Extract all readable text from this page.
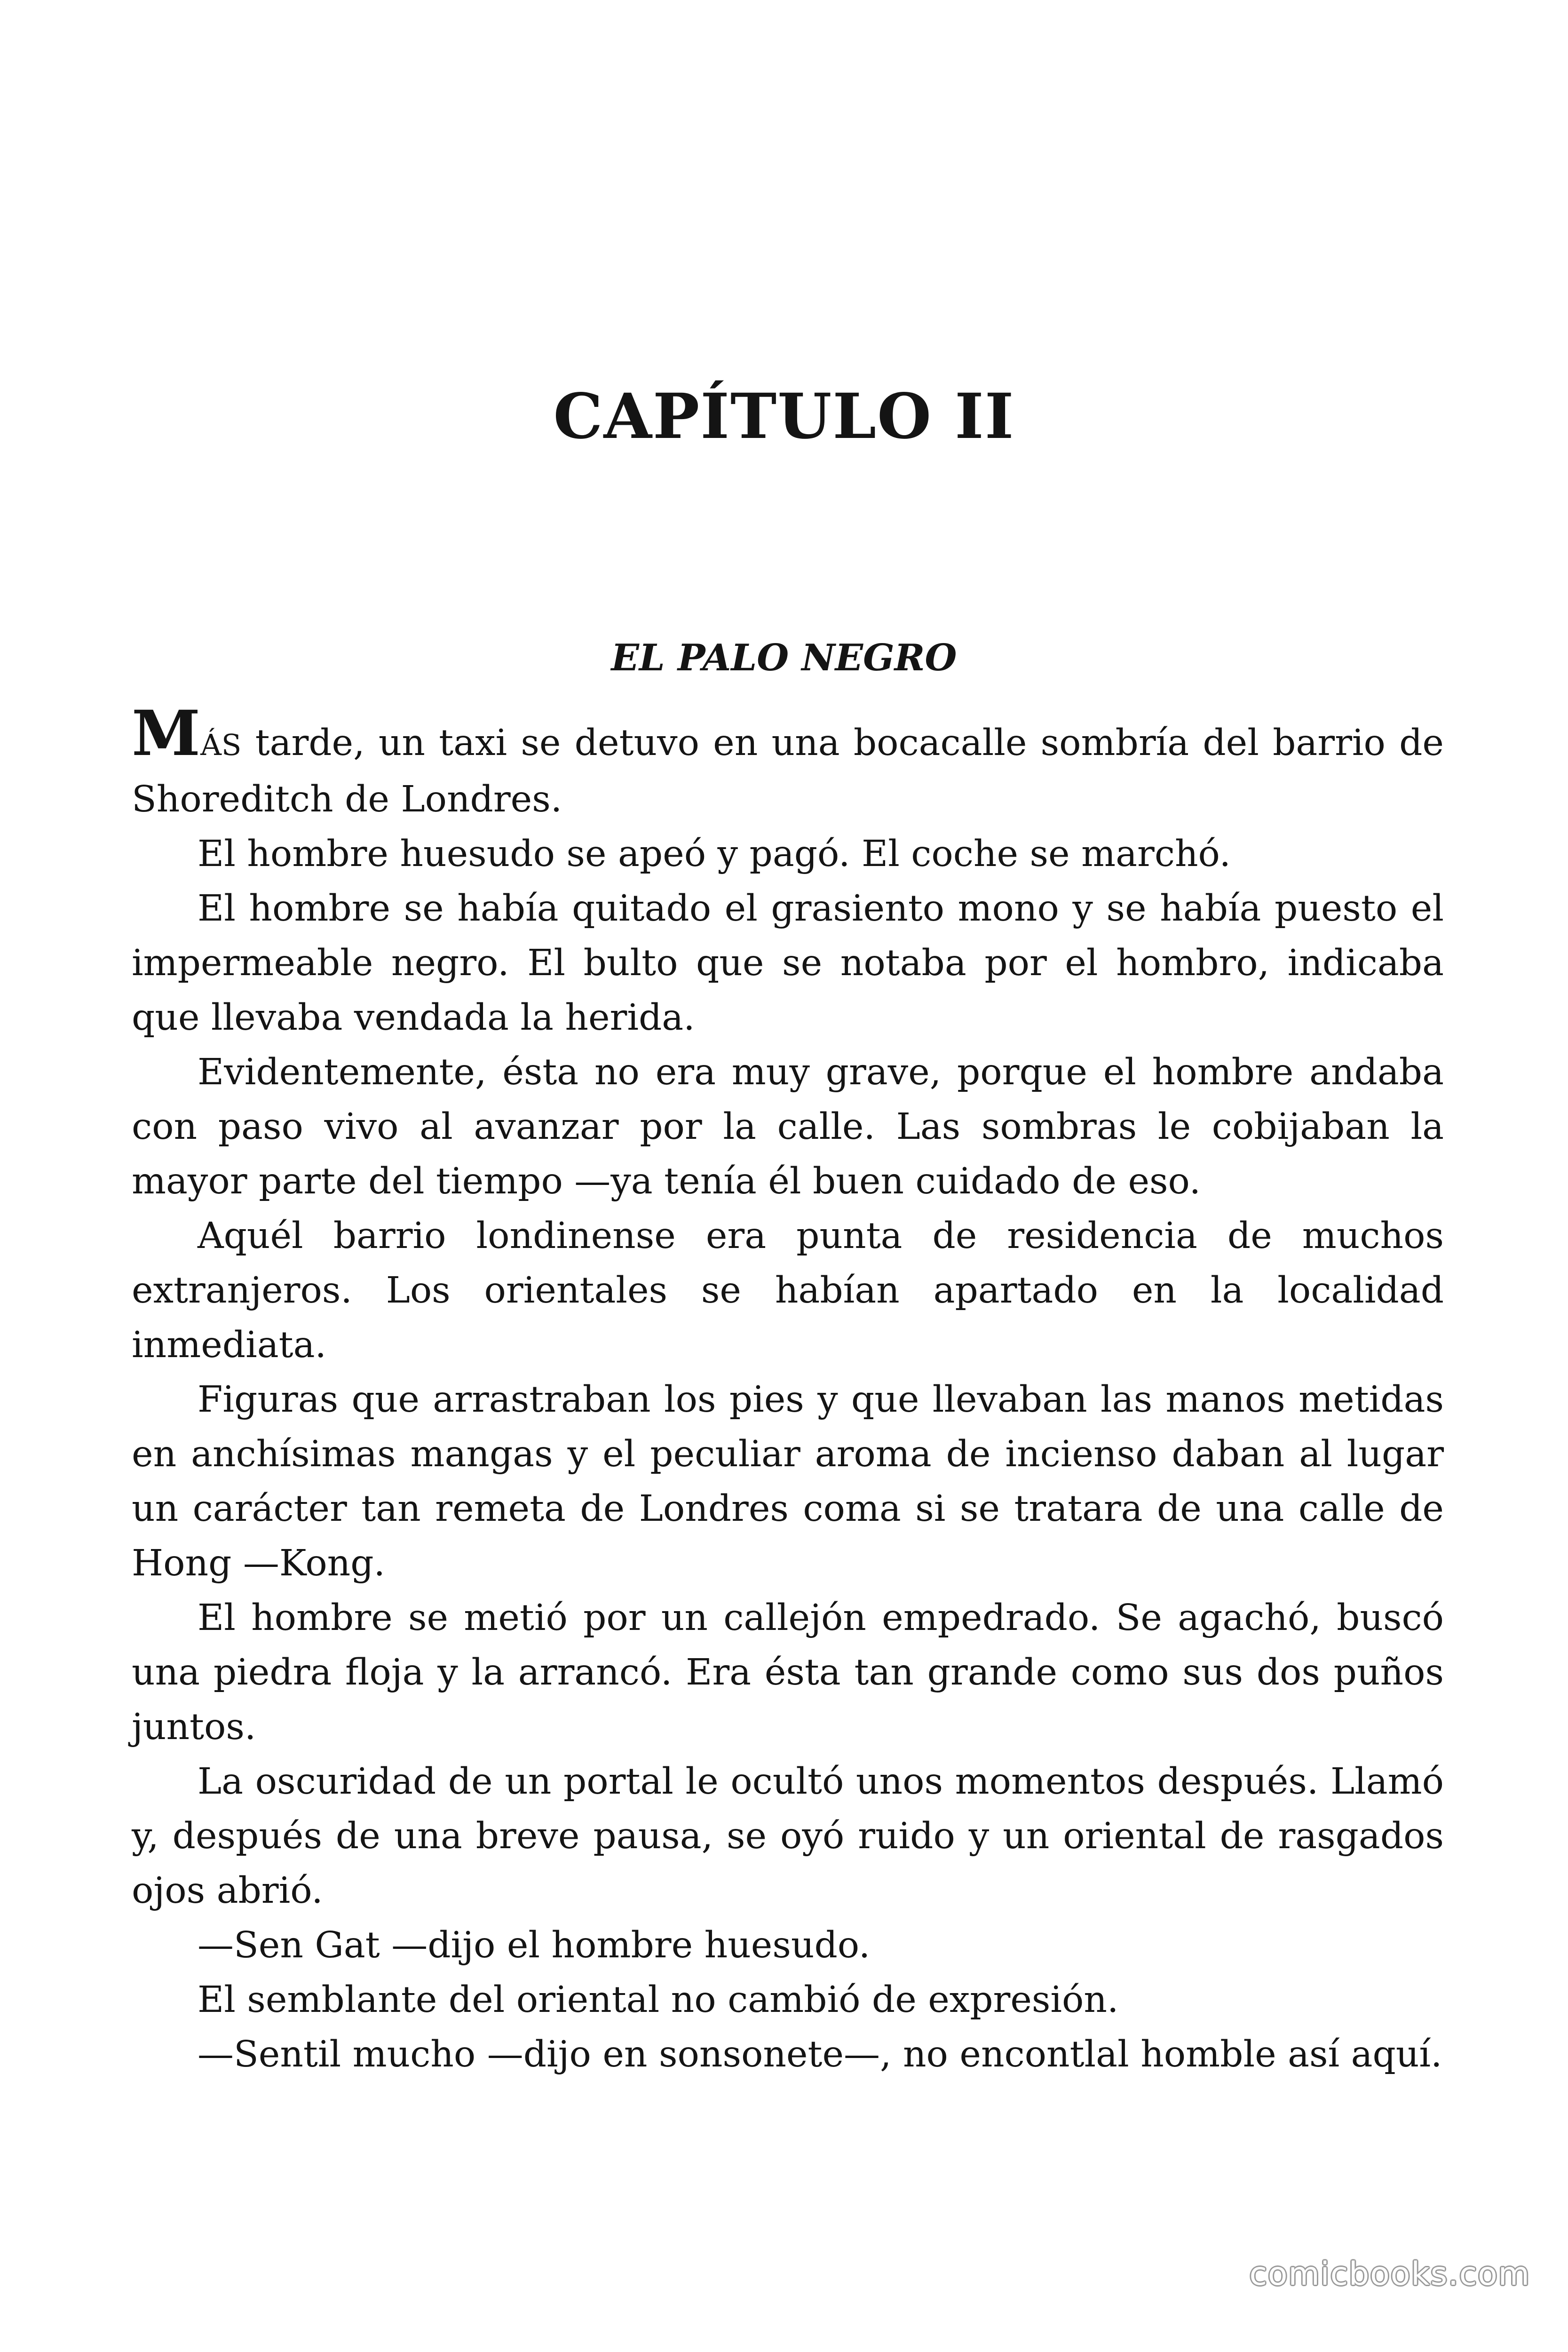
CAPÍTULO II
EL PALO NEGRO

MÁS tarde, un taxi se detuvo en una bocacalle sombría del barrio de Shoreditch de Londres.

El hombre huesudo se apeó y pagó. El coche se marchó.

El hombre se había quitado el grasiento mono y se había puesto el impermeable negro. El bulto que se notaba por el hombro, indicaba que llevaba vendada la herida.

Evidentemente, ésta no era muy grave, porque el hombre andaba con paso vivo al avanzar por la calle. Las sombras le cobijaban la mayor parte del tiempo —ya tenía él buen cuidado de eso.

Aquél barrio londinense era punta de residencia de muchos extranjeros. Los orientales se habían apartado en la localidad inmediata.

Figuras que arrastraban los pies y que llevaban las manos metidas en anchísimas mangas y el peculiar aroma de incienso daban al lugar un carácter tan remeta de Londres coma si se tratara de una calle de Hong —Kong.

El hombre se metió por un callejón empedrado. Se agachó, buscó una piedra floja y la arrancó. Era ésta tan grande como sus dos puños juntos.

La oscuridad de un portal le ocultó unos momentos después. Llamó y, después de una breve pausa, se oyó ruido y un oriental de rasgados ojos abrió.

—Sen Gat —dijo el hombre huesudo.

El semblante del oriental no cambió de expresión.

—Sentil mucho —dijo en sonsonete—, no encontlal homble así aquí.

comicbooks.com
